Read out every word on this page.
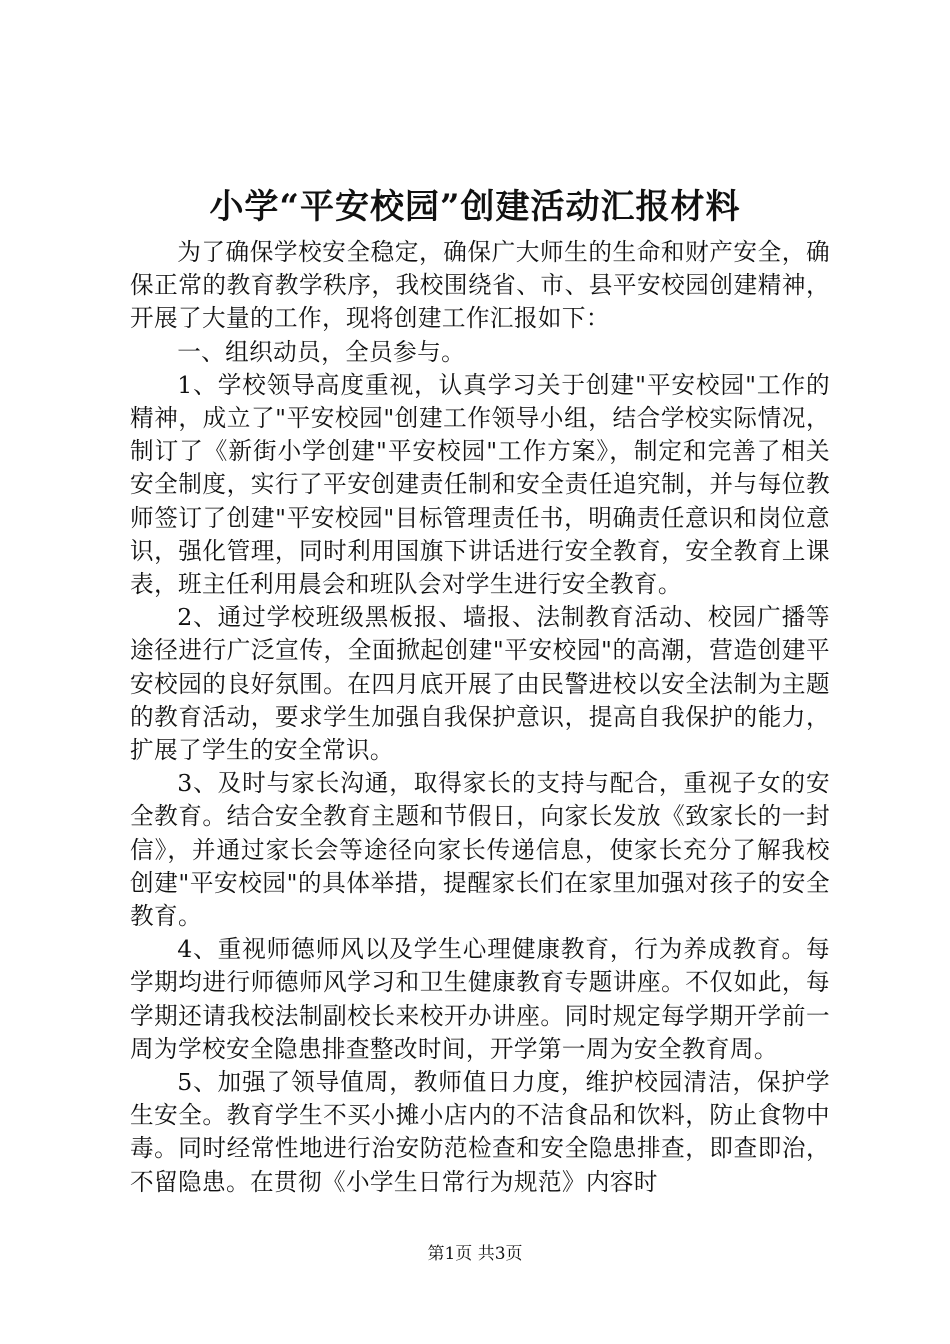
小学“平安校园”创建活动汇报材料

为了确保学校安全稳定，确保广大师生的生命和财产安全，确保正常的教育教学秩序，我校围绕省、市、县平安校园创建精神，开展了大量的工作，现将创建工作汇报如下：

一、组织动员，全员参与。

1、学校领导高度重视，认真学习关于创建"平安校园"工作的精神，成立了"平安校园"创建工作领导小组，结合学校实际情况，制订了《新街小学创建"平安校园"工作方案》，制定和完善了相关安全制度，实行了平安创建责任制和安全责任追究制，并与每位教师签订了创建"平安校园"目标管理责任书，明确责任意识和岗位意识，强化管理，同时利用国旗下讲话进行安全教育，安全教育上课表，班主任利用晨会和班队会对学生进行安全教育。

2、通过学校班级黑板报、墙报、法制教育活动、校园广播等途径进行广泛宣传，全面掀起创建"平安校园"的高潮，营造创建平安校园的良好氛围。在四月底开展了由民警进校以安全法制为主题的教育活动，要求学生加强自我保护意识，提高自我保护的能力，扩展了学生的安全常识。

3、及时与家长沟通，取得家长的支持与配合，重视子女的安全教育。结合安全教育主题和节假日，向家长发放《致家长的一封信》，并通过家长会等途径向家长传递信息，使家长充分了解我校创建"平安校园"的具体举措，提醒家长们在家里加强对孩子的安全教育。

4、重视师德师风以及学生心理健康教育，行为养成教育。每学期均进行师德师风学习和卫生健康教育专题讲座。不仅如此，每学期还请我校法制副校长来校开办讲座。同时规定每学期开学前一周为学校安全隐患排查整改时间，开学第一周为安全教育周。

5、加强了领导值周，教师值日力度，维护校园清洁，保护学生安全。教育学生不买小摊小店内的不洁食品和饮料，防止食物中毒。同时经常性地进行治安防范检查和安全隐患排查，即查即治，不留隐患。在贯彻《小学生日常行为规范》内容时

第1页 共3页
